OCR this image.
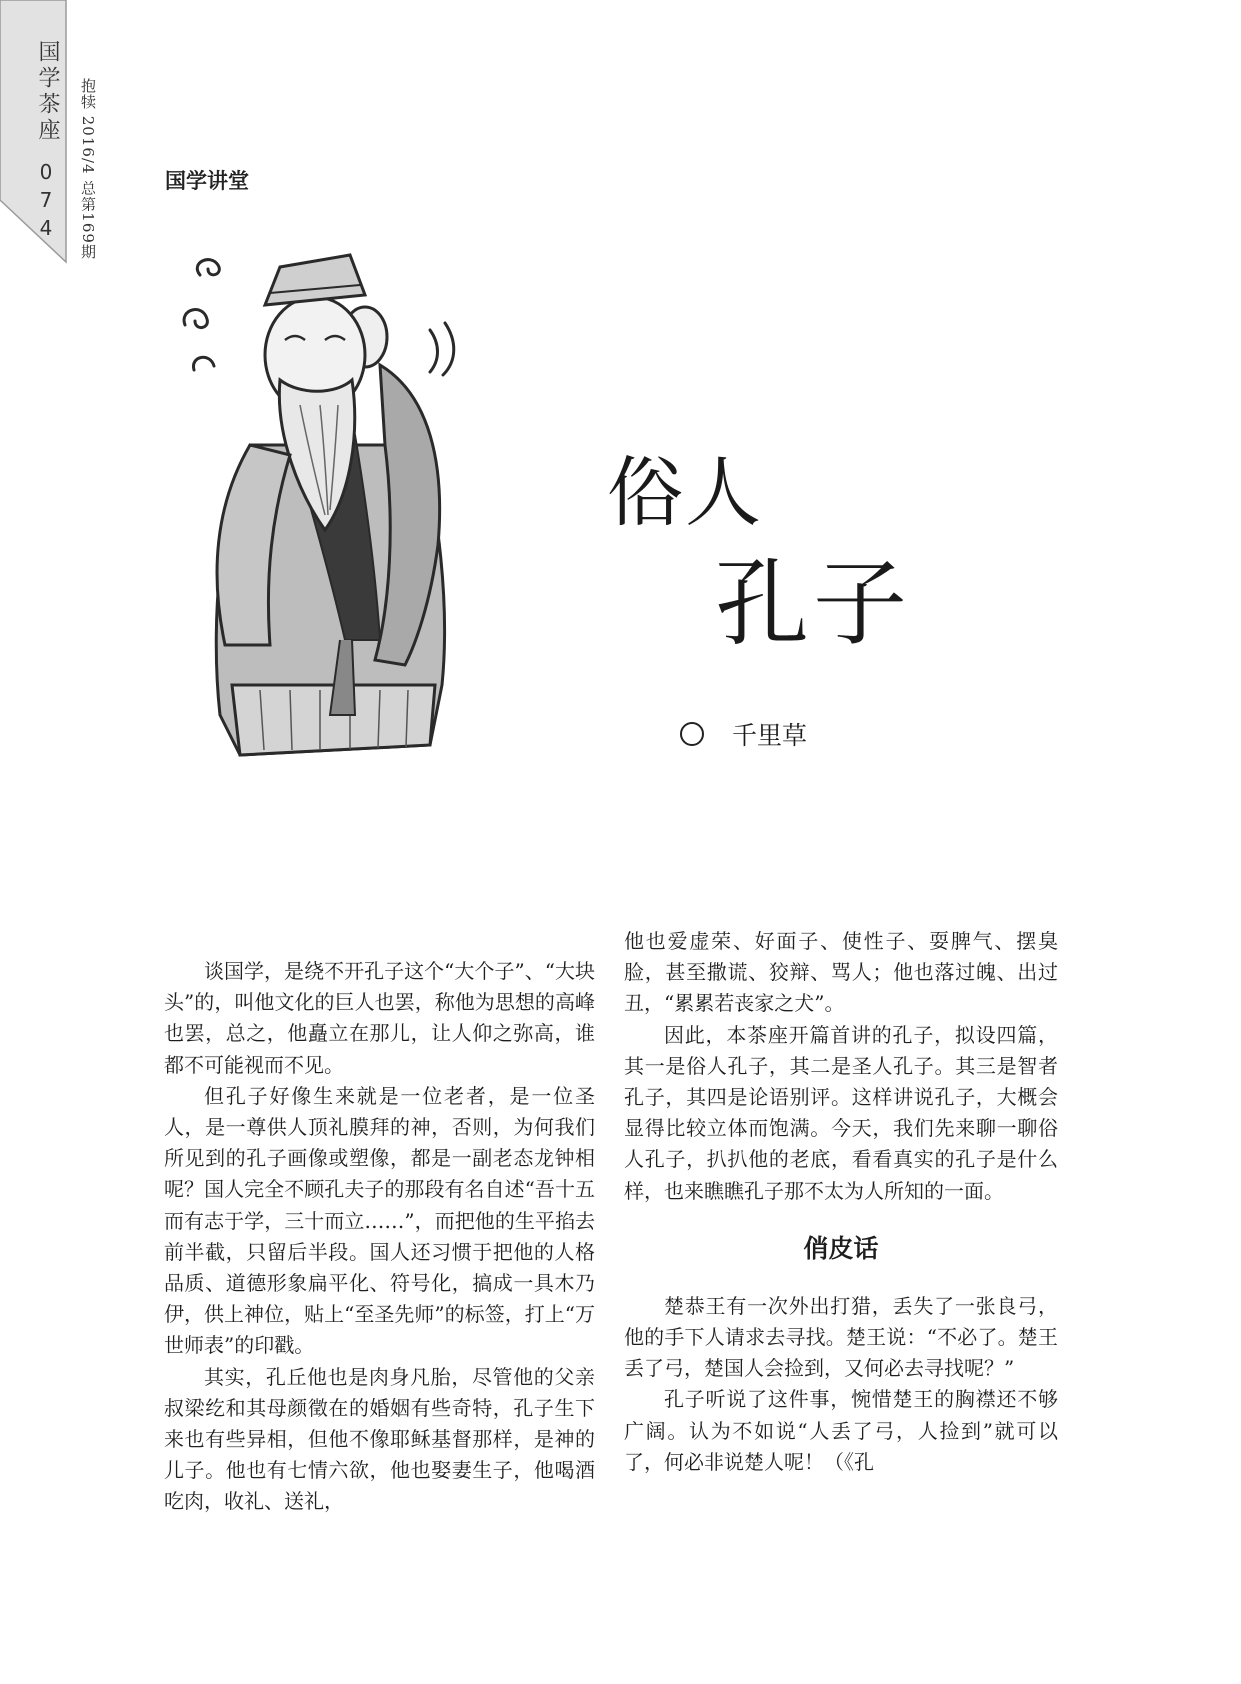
国学茶座
074 抱犊 2016/4 总第169期	国学讲堂
俗人
孔子
千里草

谈国学，是绕不开孔子这个“大个子”、“大块头”的，叫他文化的巨人也罢，称他为思想的高峰也罢，总之，他矗立在那儿，让人仰之弥高，谁都不可能视而不见。

但孔子好像生来就是一位老者，是一位圣人，是一尊供人顶礼膜拜的神，否则，为何我们所见到的孔子画像或塑像，都是一副老态龙钟相呢？国人完全不顾孔夫子的那段有名自述“吾十五而有志于学，三十而立……”，而把他的生平掐去前半截，只留后半段。国人还习惯于把他的人格品质、道德形象扁平化、符号化，搞成一具木乃伊，供上神位，贴上“至圣先师”的标签，打上“万世师表”的印戳。

其实，孔丘他也是肉身凡胎，尽管他的父亲叔梁纥和其母颜徵在的婚姻有些奇特，孔子生下来也有些异相，但他不像耶稣基督那样，是神的儿子。他也有七情六欲，他也娶妻生子，他喝酒吃肉，收礼、送礼，

他也爱虚荣、好面子、使性子、耍脾气、摆臭脸，甚至撒谎、狡辩、骂人；他也落过魄、出过丑，“累累若丧家之犬”。

因此，本茶座开篇首讲的孔子，拟设四篇，其一是俗人孔子，其二是圣人孔子。其三是智者孔子，其四是论语别评。这样讲说孔子，大概会显得比较立体而饱满。今天，我们先来聊一聊俗人孔子，扒扒他的老底，看看真实的孔子是什么样，也来瞧瞧孔子那不太为人所知的一面。

俏皮话

楚恭王有一次外出打猎，丢失了一张良弓，他的手下人请求去寻找。楚王说：“不必了。楚王丢了弓，楚国人会捡到，又何必去寻找呢？”

孔子听说了这件事，惋惜楚王的胸襟还不够广阔。认为不如说“人丢了弓，人捡到”就可以了，何必非说楚人呢！（《孔
